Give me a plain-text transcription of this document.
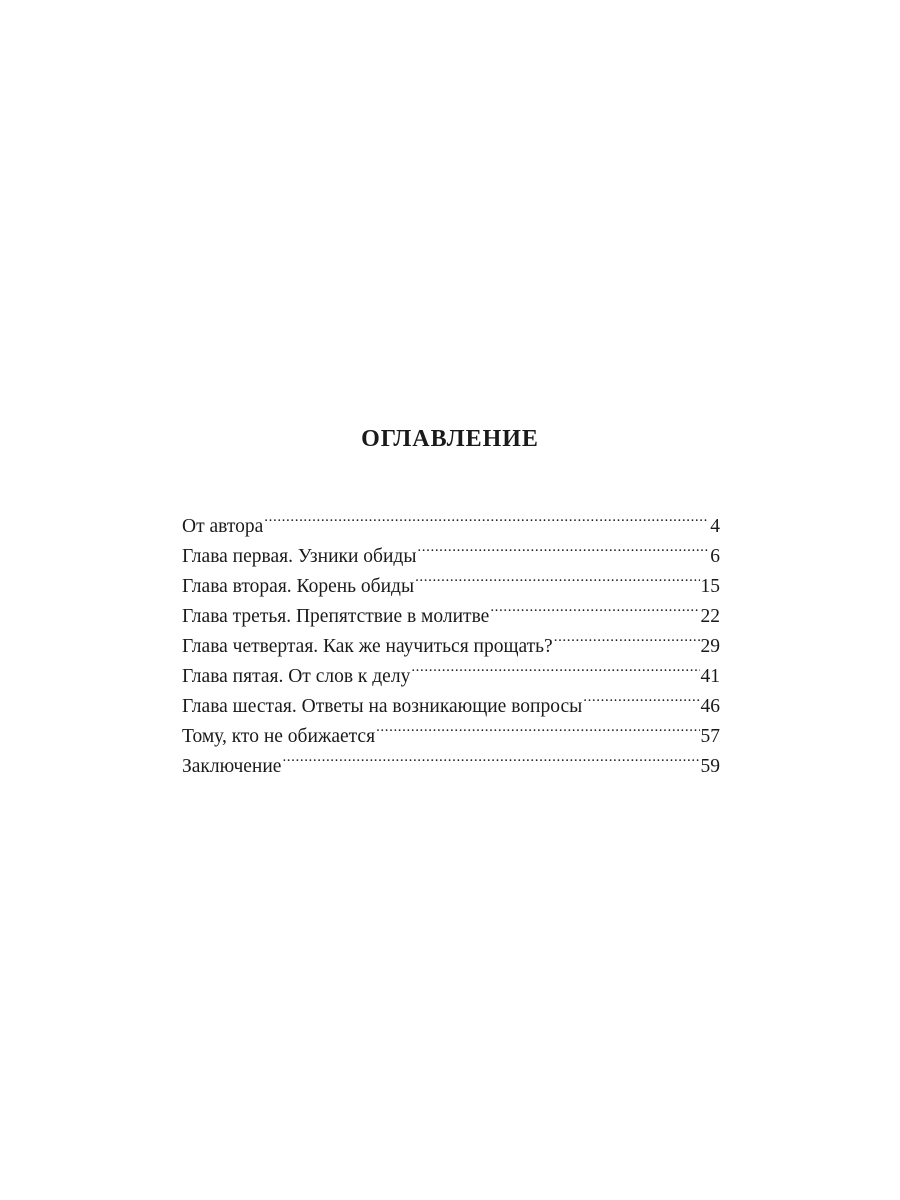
ОГЛАВЛЕНИЕ
От автора .....	4
Глава первая. Узники обиды .....	6
Глава вторая. Корень обиды .....	15
Глава третья. Препятствие в молитве .....	22
Глава четвертая. Как же научиться прощать? .....	29
Глава пятая. От слов к делу .....	41
Глава шестая. Ответы на возникающие вопросы .....	46
Тому, кто не обижается .....	57
Заключение .....	59
